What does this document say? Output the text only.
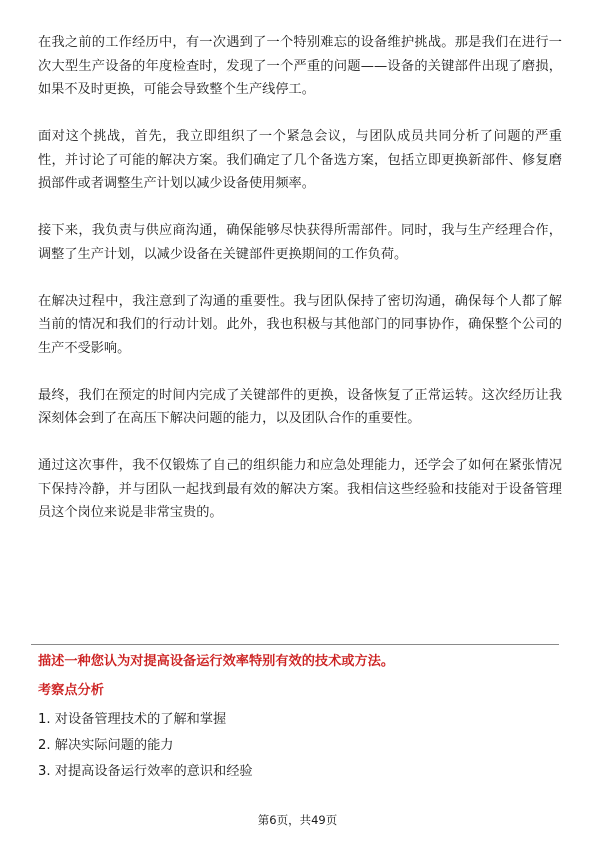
在我之前的工作经历中，有一次遇到了一个特别难忘的设备维护挑战。那是我们在进行一次大型生产设备的年度检查时，发现了一个严重的问题——设备的关键部件出现了磨损，如果不及时更换，可能会导致整个生产线停工。

面对这个挑战，首先，我立即组织了一个紧急会议，与团队成员共同分析了问题的严重性，并讨论了可能的解决方案。我们确定了几个备选方案，包括立即更换新部件、修复磨损部件或者调整生产计划以减少设备使用频率。

接下来，我负责与供应商沟通，确保能够尽快获得所需部件。同时，我与生产经理合作，调整了生产计划，以减少设备在关键部件更换期间的工作负荷。

在解决过程中，我注意到了沟通的重要性。我与团队保持了密切沟通，确保每个人都了解当前的情况和我们的行动计划。此外，我也积极与其他部门的同事协作，确保整个公司的生产不受影响。

最终，我们在预定的时间内完成了关键部件的更换，设备恢复了正常运转。这次经历让我深刻体会到了在高压下解决问题的能力，以及团队合作的重要性。

通过这次事件，我不仅锻炼了自己的组织能力和应急处理能力，还学会了如何在紧张情况下保持冷静，并与团队一起找到最有效的解决方案。我相信这些经验和技能对于设备管理员这个岗位来说是非常宝贵的。

描述一种您认为对提高设备运行效率特别有效的技术或方法。

考察点分析

1. 对设备管理技术的了解和掌握
2. 解决实际问题的能力
3. 对提高设备运行效率的意识和经验
第6页，共49页
